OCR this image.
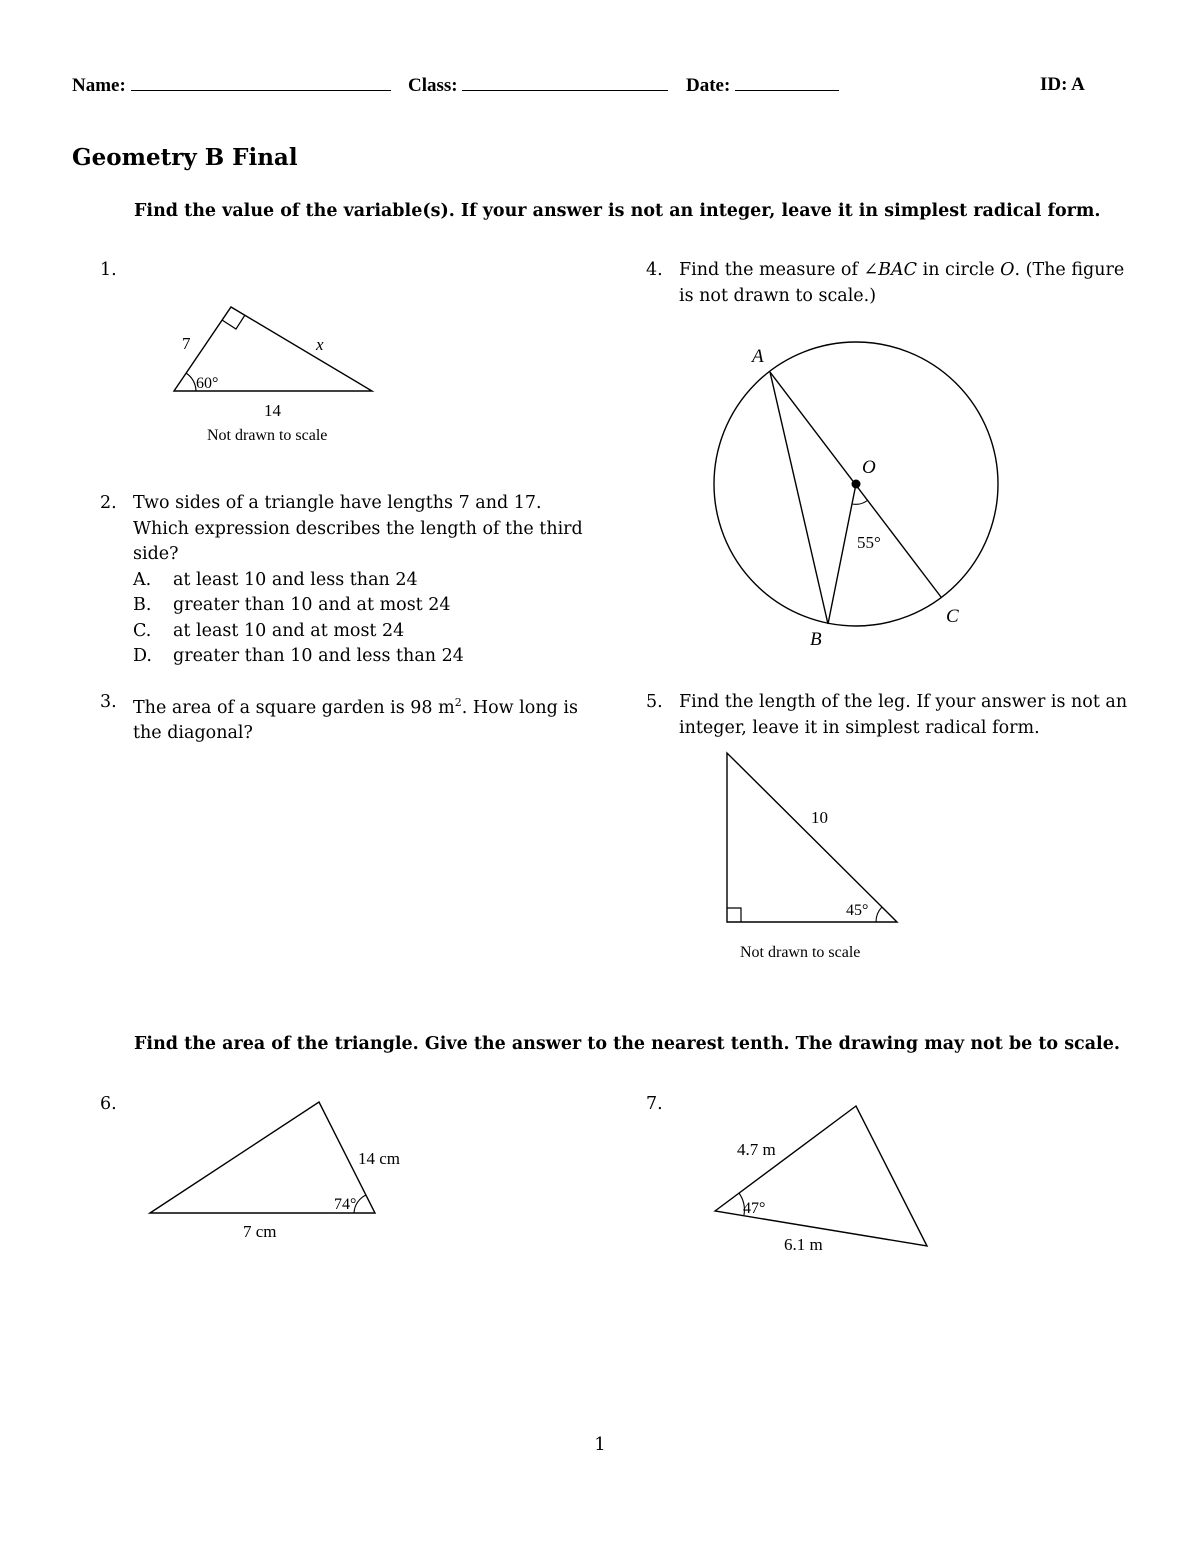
Name:	Class:	Date:	ID: A
Geometry B Final
Find the value of the variable(s). If your answer is not an integer, leave it in simplest radical form.
1.
7	x
60°
14
Not drawn to scale
2. Two sides of a triangle have lengths 7 and 17.
Which expression describes the length of the third
side?
A. at least 10 and less than 24
B. greater than 10 and at most 24
C. at least 10 and at most 24
D. greater than 10 and less than 24
3. The area of a square garden is 98 $m^2$. How long is
the diagonal?
4. Find the measure of ∠BAC in circle O. (The figure
is not drawn to scale.)
A
O
55°
B
C
5. Find the length of the leg. If your answer is not an
integer, leave it in simplest radical form.
10
45°
Not drawn to scale
Find the area of the triangle. Give the answer to the nearest tenth. The drawing may not be to scale.
6.
14 cm
74°
7 cm
7.
4.7 m
47°
6.1 m
1
